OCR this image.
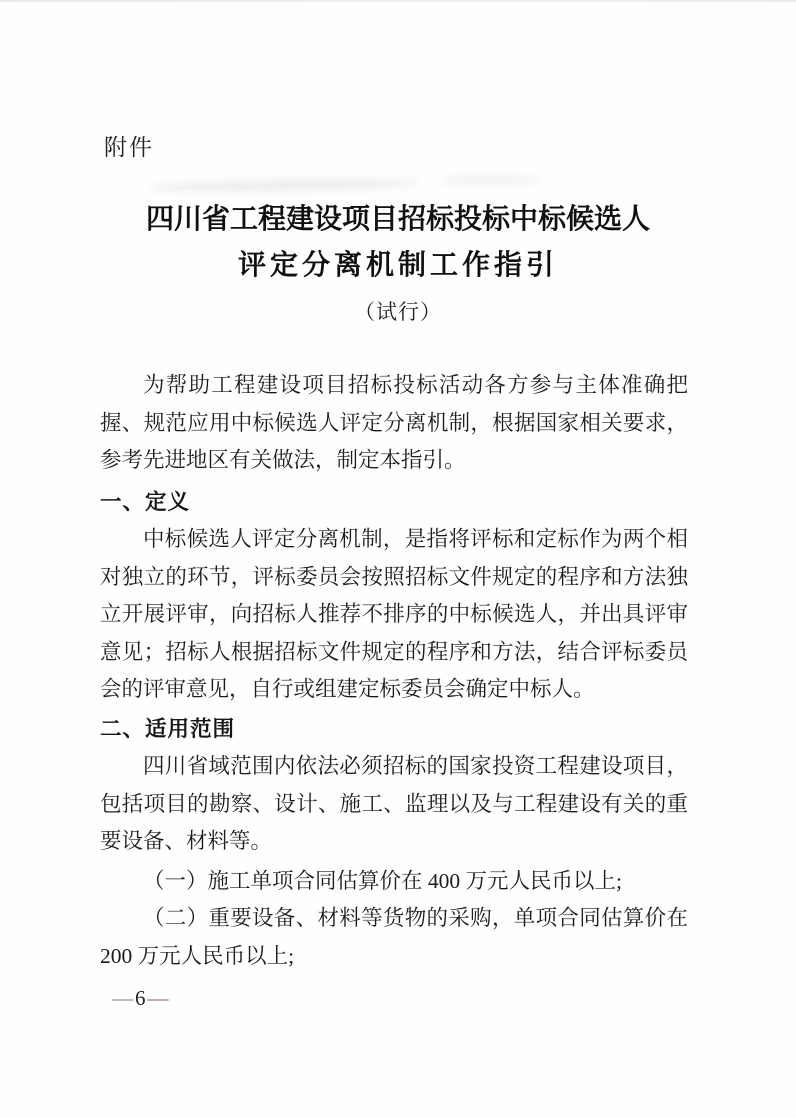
附件
四川省工程建设项目招标投标中标候选人
评定分离机制工作指引
（试行）

为帮助工程建设项目招标投标活动各方参与主体准确把

握、规范应用中标候选人评定分离机制，根据国家相关要求，

参考先进地区有关做法，制定本指引。

一、定义

中标候选人评定分离机制，是指将评标和定标作为两个相

对独立的环节，评标委员会按照招标文件规定的程序和方法独

立开展评审，向招标人推荐不排序的中标候选人，并出具评审

意见；招标人根据招标文件规定的程序和方法，结合评标委员

会的评审意见，自行或组建定标委员会确定中标人。

二、适用范围

四川省域范围内依法必须招标的国家投资工程建设项目，

包括项目的勘察、设计、施工、监理以及与工程建设有关的重

要设备、材料等。

（一）施工单项合同估算价在 400 万元人民币以上;

（二）重要设备、材料等货物的采购，单项合同估算价在

200 万元人民币以上;

—6—
